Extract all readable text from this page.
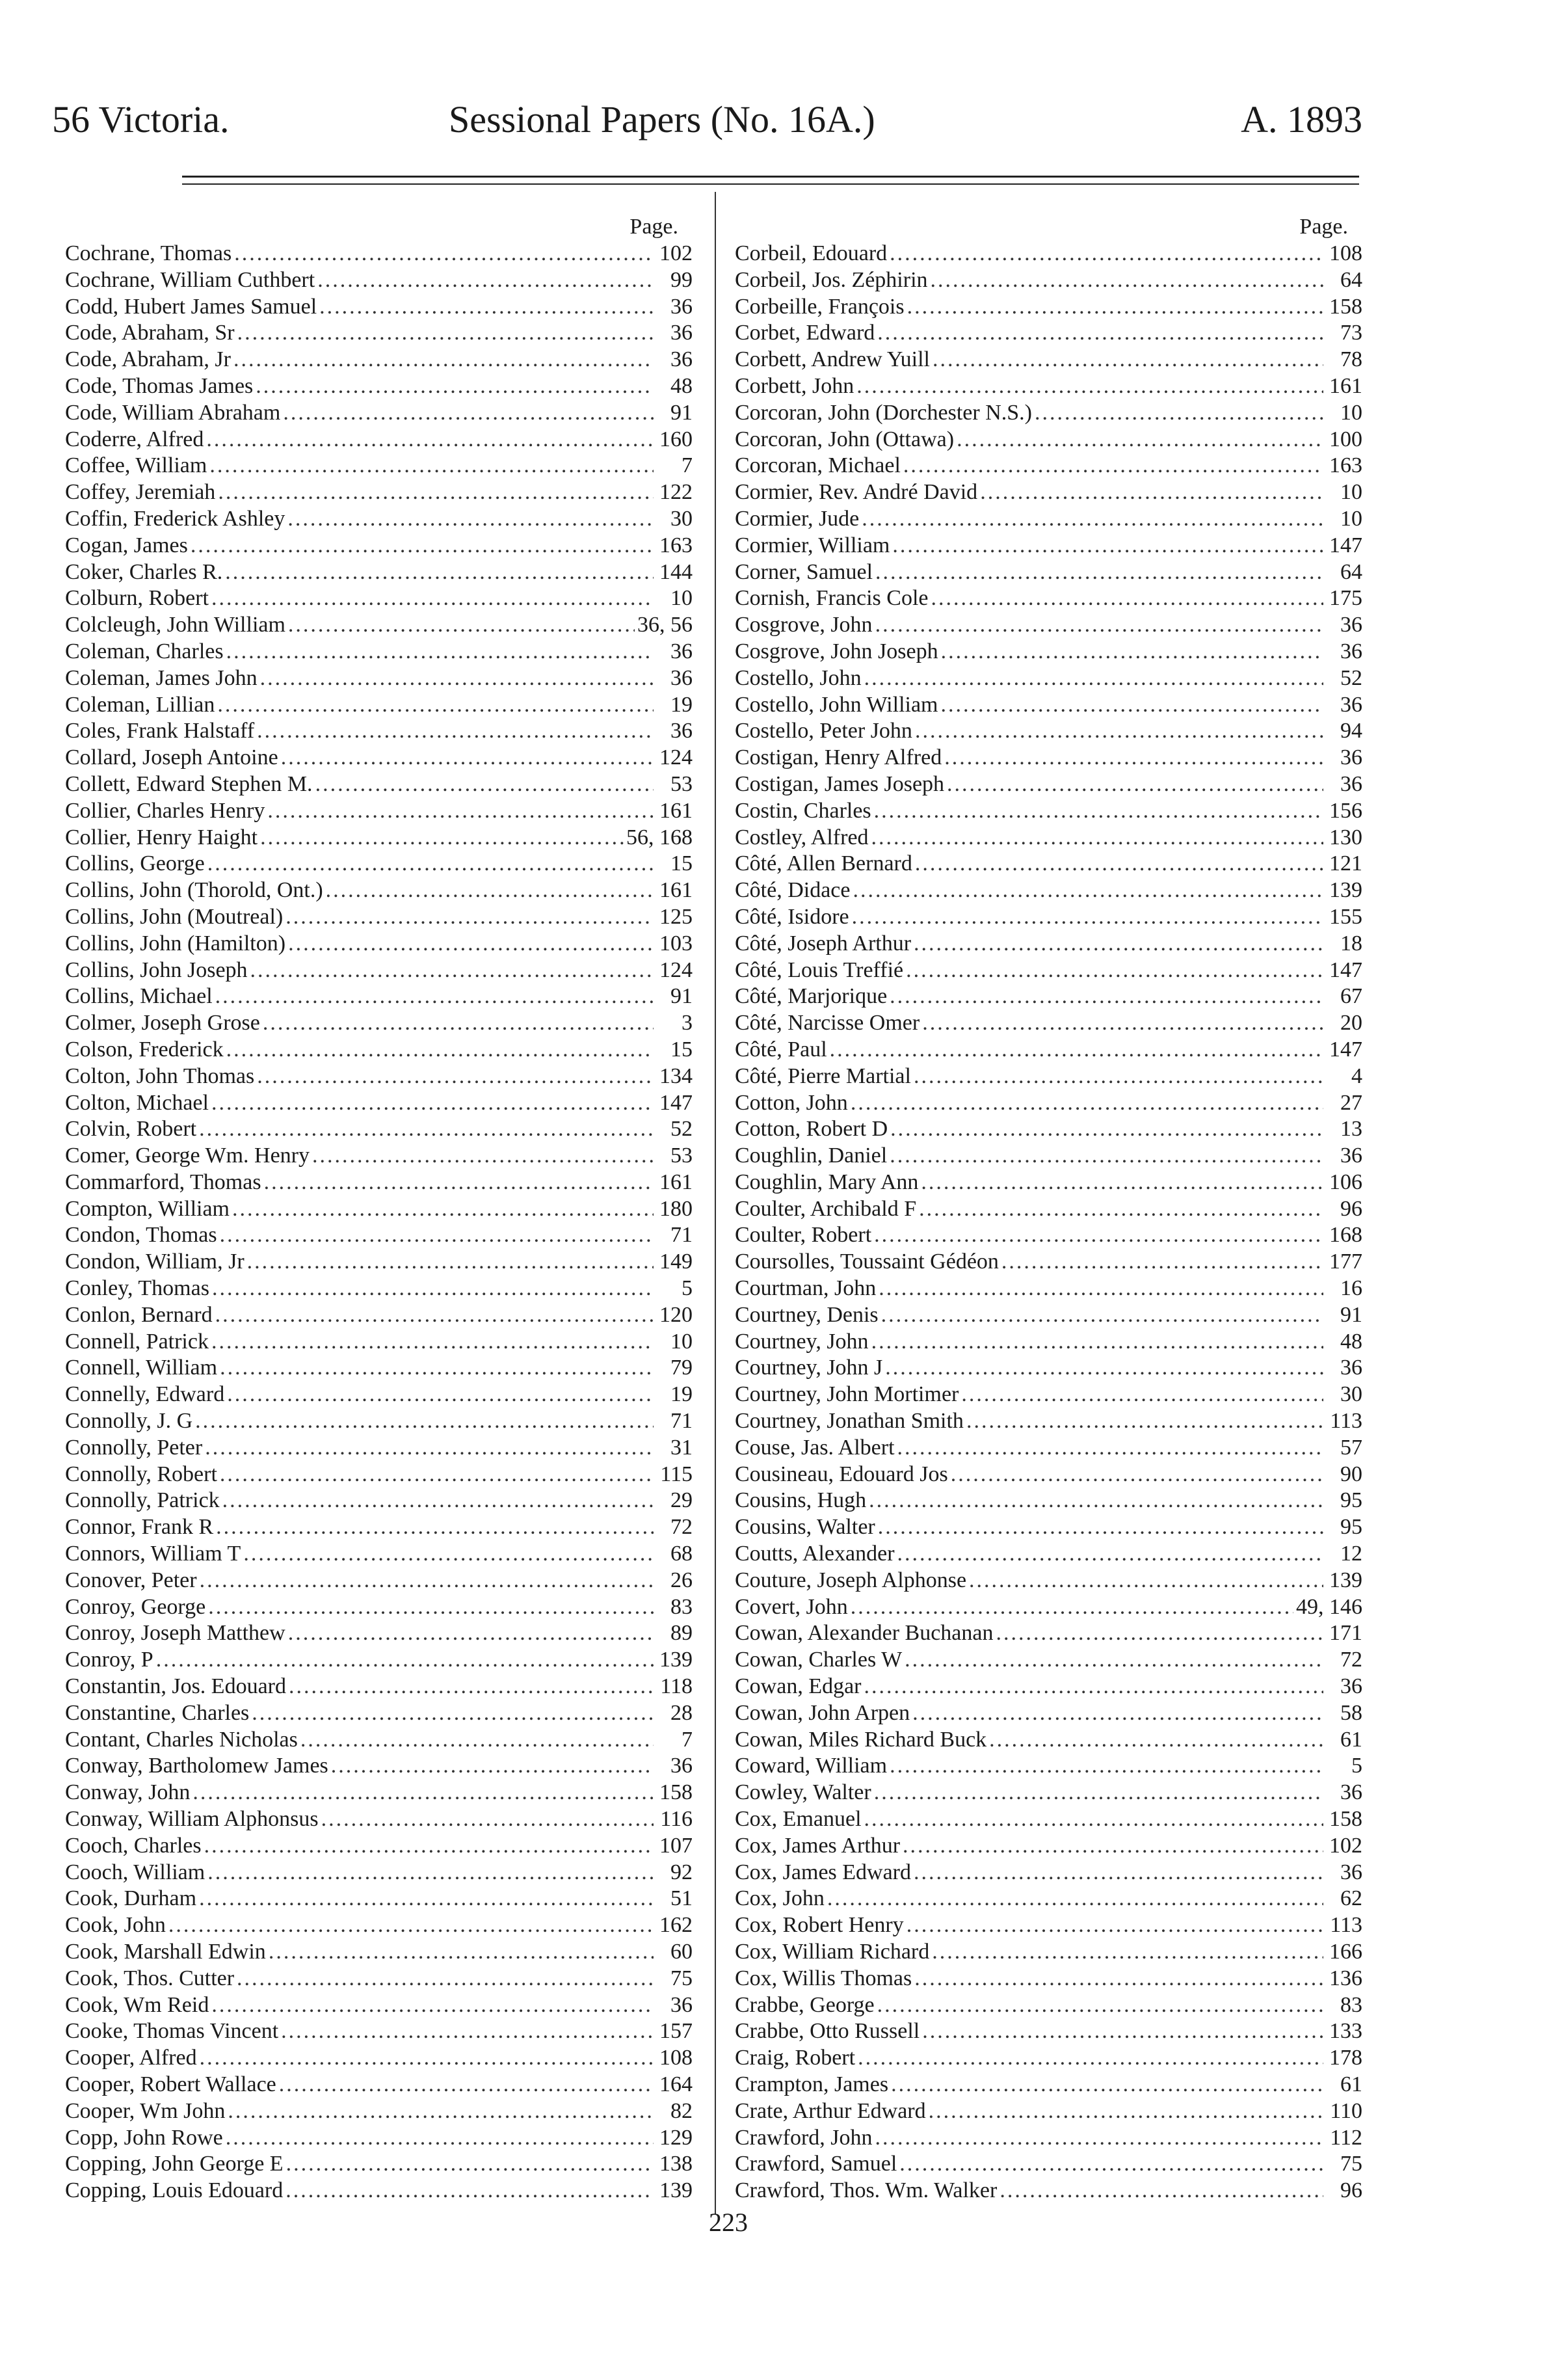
56 Victoria.	Sessional Papers (No. 16A.)	A. 1893
Page.
Cochrane, Thomas .....	102
Cochrane, William Cuthbert .....	99
Codd, Hubert James Samuel .....	36
Code, Abraham, Sr .....	36
Code, Abraham, Jr .....	36
Code, Thomas James .....	48
Code, William Abraham .....	91
Coderre, Alfred .....	160
Coffee, William .....	7
Coffey, Jeremiah .....	122
Coffin, Frederick Ashley .....	30
Cogan, James .....	163
Coker, Charles R. .....	144
Colburn, Robert .....	10
Colcleugh, John William .....	36, 56
Coleman, Charles .....	36
Coleman, James John .....	36
Coleman, Lillian .....	19
Coles, Frank Halstaff .....	36
Collard, Joseph Antoine .....	124
Collett, Edward Stephen M. .....	53
Collier, Charles Henry .....	161
Collier, Henry Haight .....	56, 168
Collins, George .....	15
Collins, John (Thorold, Ont.) .....	161
Collins, John (Moutreal) .....	125
Collins, John (Hamilton) .....	103
Collins, John Joseph .....	124
Collins, Michael .....	91
Colmer, Joseph Grose .....	3
Colson, Frederick .....	15
Colton, John Thomas .....	134
Colton, Michael .....	147
Colvin, Robert .....	52
Comer, George Wm. Henry .....	53
Commarford, Thomas .....	161
Compton, William .....	180
Condon, Thomas .....	71
Condon, William, Jr .....	149
Conley, Thomas .....	5
Conlon, Bernard .....	120
Connell, Patrick .....	10
Connell, William .....	79
Connelly, Edward .....	19
Connolly, J. G .....	71
Connolly, Peter .....	31
Connolly, Robert .....	115
Connolly, Patrick .....	29
Connor, Frank R .....	72
Connors, William T .....	68
Conover, Peter .....	26
Conroy, George .....	83
Conroy, Joseph Matthew .....	89
Conroy, P .....	139
Constantin, Jos. Edouard .....	118
Constantine, Charles .....	28
Contant, Charles Nicholas .....	7
Conway, Bartholomew James .....	36
Conway, John .....	158
Conway, William Alphonsus .....	116
Cooch, Charles .....	107
Cooch, William .....	92
Cook, Durham .....	51
Cook, John .....	162
Cook, Marshall Edwin .....	60
Cook, Thos. Cutter .....	75
Cook, Wm Reid .....	36
Cooke, Thomas Vincent .....	157
Cooper, Alfred .....	108
Cooper, Robert Wallace .....	164
Cooper, Wm John .....	82
Copp, John Rowe .....	129
Copping, John George E .....	138
Copping, Louis Edouard .....	139
Page.
Corbeil, Edouard .....	108
Corbeil, Jos. Zéphirin .....	64
Corbeille, François .....	158
Corbet, Edward .....	73
Corbett, Andrew Yuill .....	78
Corbett, John .....	161
Corcoran, John (Dorchester N.S.) .....	10
Corcoran, John (Ottawa) .....	100
Corcoran, Michael .....	163
Cormier, Rev. André David .....	10
Cormier, Jude .....	10
Cormier, William .....	147
Corner, Samuel .....	64
Cornish, Francis Cole .....	175
Cosgrove, John .....	36
Cosgrove, John Joseph .....	36
Costello, John .....	52
Costello, John William .....	36
Costello, Peter John .....	94
Costigan, Henry Alfred .....	36
Costigan, James Joseph .....	36
Costin, Charles .....	156
Costley, Alfred .....	130
Côté, Allen Bernard .....	121
Côté, Didace .....	139
Côté, Isidore .....	155
Côté, Joseph Arthur .....	18
Côté, Louis Treffié .....	147
Côté, Marjorique .....	67
Côté, Narcisse Omer .....	20
Côté, Paul .....	147
Côté, Pierre Martial .....	4
Cotton, John .....	27
Cotton, Robert D .....	13
Coughlin, Daniel .....	36
Coughlin, Mary Ann .....	106
Coulter, Archibald F .....	96
Coulter, Robert .....	168
Coursolles, Toussaint Gédéon .....	177
Courtman, John .....	16
Courtney, Denis .....	91
Courtney, John .....	48
Courtney, John J .....	36
Courtney, John Mortimer .....	30
Courtney, Jonathan Smith .....	113
Couse, Jas. Albert .....	57
Cousineau, Edouard Jos .....	90
Cousins, Hugh .....	95
Cousins, Walter .....	95
Coutts, Alexander .....	12
Couture, Joseph Alphonse .....	139
Covert, John .....	49, 146
Cowan, Alexander Buchanan .....	171
Cowan, Charles W .....	72
Cowan, Edgar .....	36
Cowan, John Arpen .....	58
Cowan, Miles Richard Buck .....	61
Coward, William .....	5
Cowley, Walter .....	36
Cox, Emanuel .....	158
Cox, James Arthur .....	102
Cox, James Edward .....	36
Cox, John .....	62
Cox, Robert Henry .....	113
Cox, William Richard .....	166
Cox, Willis Thomas .....	136
Crabbe, George .....	83
Crabbe, Otto Russell .....	133
Craig, Robert .....	178
Crampton, James .....	61
Crate, Arthur Edward .....	110
Crawford, John .....	112
Crawford, Samuel .....	75
Crawford, Thos. Wm. Walker .....	96
223
